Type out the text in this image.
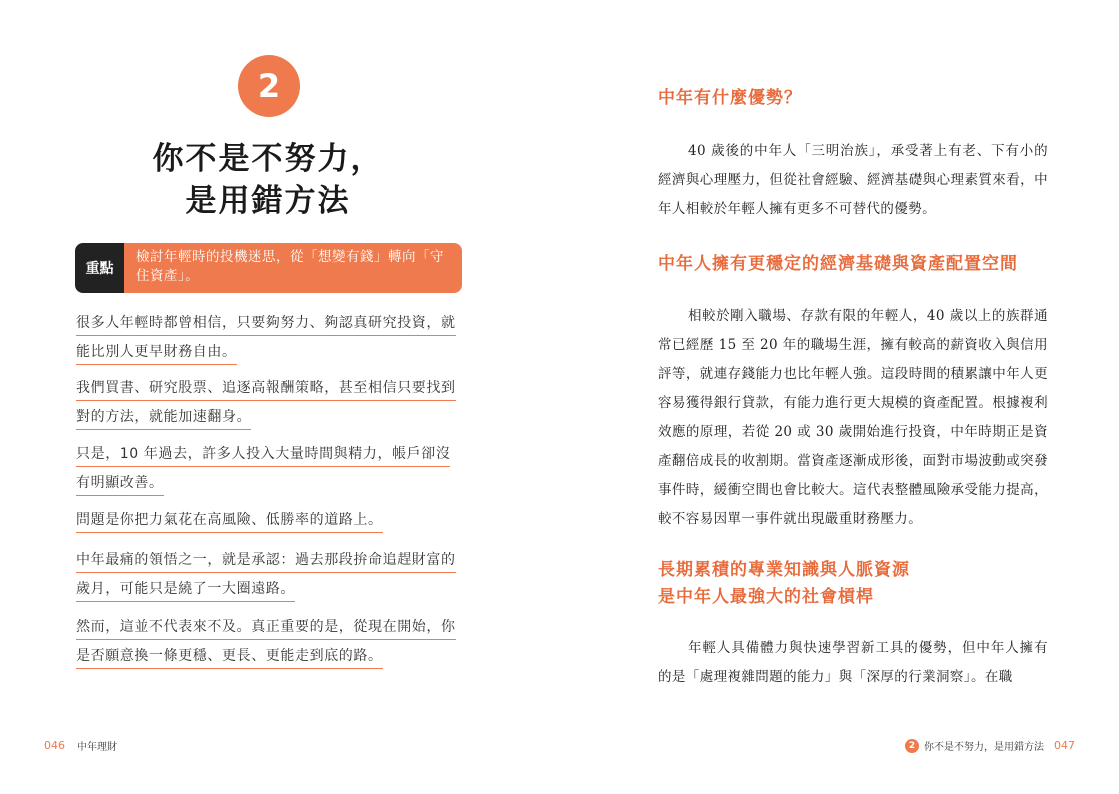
2
你不是不努力，
是用錯方法
重點
檢討年輕時的投機迷思，從「想變有錢」轉向「守住資產」。
很多人年輕時都曾相信，只要夠努力、夠認真研究投資，就
能比別人更早財務自由。
我們買書、研究股票、追逐高報酬策略，甚至相信只要找到
對的方法，就能加速翻身。
只是，10 年過去，許多人投入大量時間與精力，帳戶卻沒
有明顯改善。
問題是你把力氣花在高風險、低勝率的道路上。
中年最痛的領悟之一，就是承認：過去那段拚命追趕財富的
歲月，可能只是繞了一大圈遠路。
然而，這並不代表來不及。真正重要的是，從現在開始，你
是否願意換一條更穩、更長、更能走到底的路。
046 中年理財
中年有什麼優勢？
40 歲後的中年人「三明治族」，承受著上有老、下有小的經濟與心理壓力，但從社會經驗、經濟基礎與心理素質來看，中年人相較於年輕人擁有更多不可替代的優勢。
中年人擁有更穩定的經濟基礎與資產配置空間
相較於剛入職場、存款有限的年輕人，40 歲以上的族群通常已經歷 15 至 20 年的職場生涯，擁有較高的薪資收入與信用評等，就連存錢能力也比年輕人強。這段時間的積累讓中年人更容易獲得銀行貸款，有能力進行更大規模的資產配置。根據複利效應的原理，若從 20 或 30 歲開始進行投資，中年時期正是資產翻倍成長的收割期。當資產逐漸成形後，面對市場波動或突發事件時，緩衝空間也會比較大。這代表整體風險承受能力提高，較不容易因單一事件就出現嚴重財務壓力。
長期累積的專業知識與人脈資源
是中年人最強大的社會槓桿
年輕人具備體力與快速學習新工具的優勢，但中年人擁有的是「處理複雜問題的能力」與「深厚的行業洞察」。在職
2 你不是不努力，是用錯方法 047
